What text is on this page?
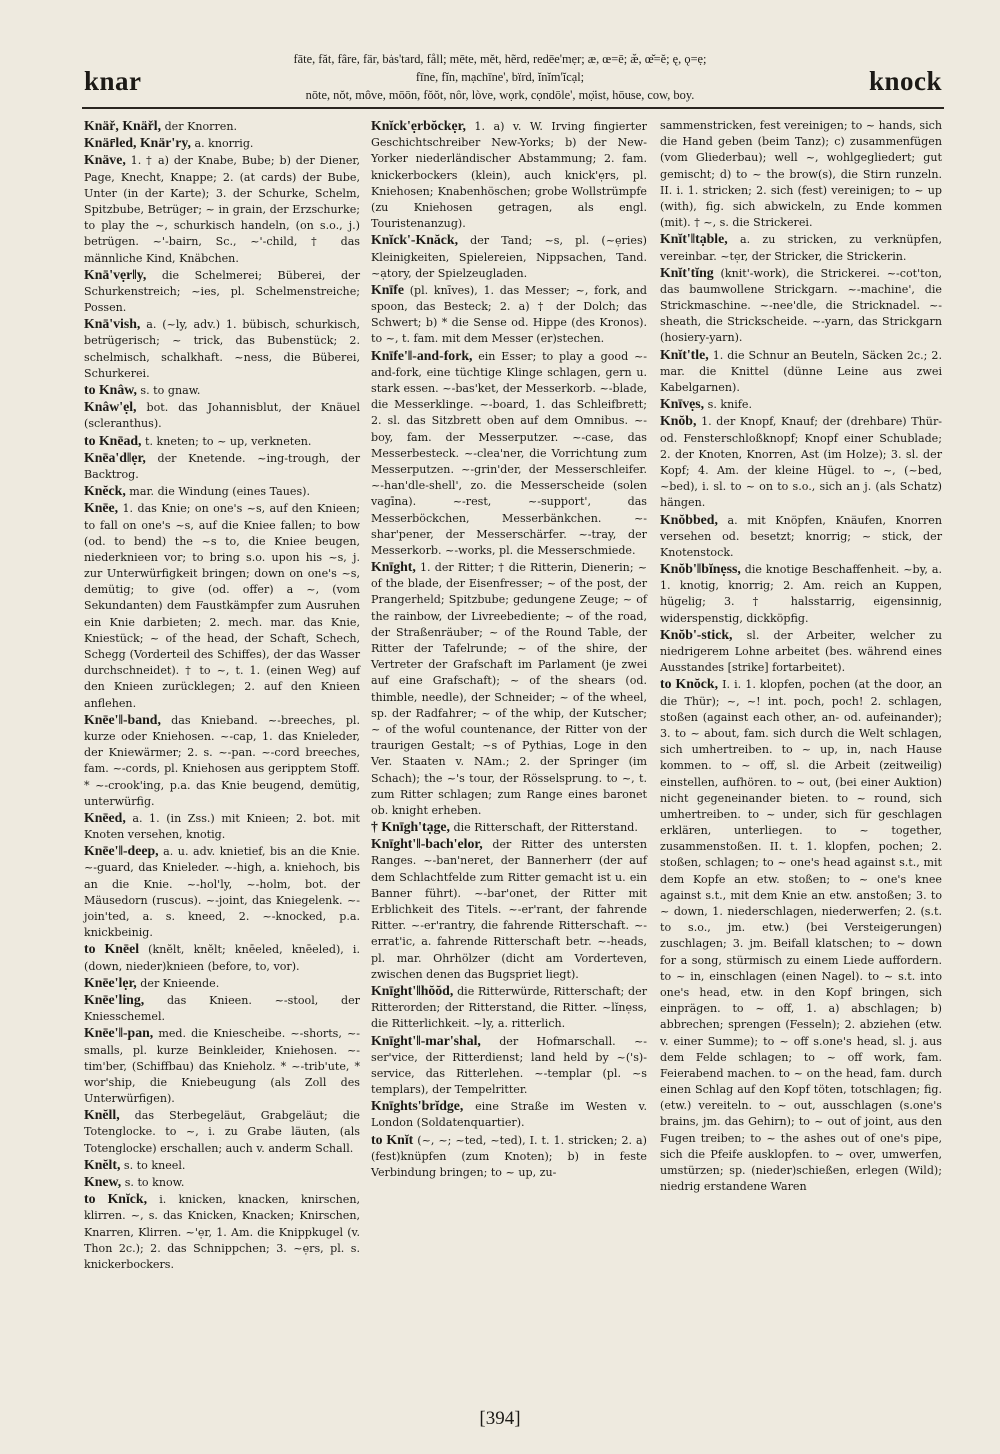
knar
fāte, făt, fâre, fär, bȧs'tard, fåll; mēte, mĕt, hẽrd, redēe'mẹr; æ, œ=ē; æ̆, œ̆=ĕ; ę, ǫ=ẹ;
fīne, fĭn, mạchīne', bïrd, ĭnĭm'ĭcạl;
nōte, nŏt, mȏve, mōōn, fŏŏt, nôr, lòve, wọrk, cọndōle', mọ̈ist, hōuse, cow, boy.	knock

Knäř, Knäřl, der Knorren.

Knär̄led, Knär'ry, a. knorrig.

Knäve, 1. † a) der Knabe, Bube; b) der Diener, Page, Knecht, Knappe; 2. (at cards) der Bube, Unter (in der Karte); 3. der Schurke, Schelm, Spitzbube, Betrüger; ~ in grain, der Erzschurke; to play the ~, schurkisch handeln, (on s.o., j.) betrügen. ~'-bairn, Sc., ~'-child, † das männliche Kind, Knäbchen.

Knā'vẹr‖y, die Schelmerei; Büberei, der Schurkenstreich; ~ies, pl. Schelmenstreiche; Possen.

Knā'vish, a. (~ly, adv.) 1. bübisch, schurkisch, betrügerisch; ~ trick, das Bubenstück; 2. schelmisch, schalkhaft. ~ness, die Büberei, Schurkerei.

to Knâw, s. to gnaw.

Knâw'ẹl, bot. das Johannisblut, der Knäuel (scleranthus).

to Knēad, t. kneten; to ~ up, verkneten.

Knēa'd‖ẹr, der Knetende. ~ing-trough, der Backtrog.

Knĕck, mar. die Windung (eines Taues).

Knēe, 1. das Knie; on one's ~s, auf den Knieen; to fall on one's ~s, auf die Kniee fallen; to bow (od. to bend) the ~s to, die Kniee beugen, niederknieen vor; to bring s.o. upon his ~s, j. zur Unterwürfigkeit bringen; down on one's ~s, demütig; to give (od. offer) a ~, (vom Sekundanten) dem Faustkämpfer zum Ausruhen ein Knie darbieten; 2. mech. mar. das Knie, Kniestück; ~ of the head, der Schaft, Schech, Schegg (Vorderteil des Schiffes), der das Wasser durchschneidet). † to ~, t. 1. (einen Weg) auf den Knieen zurücklegen; 2. auf den Knieen anflehen.

Knēe'‖-band, das Knieband. ~-breeches, pl. kurze oder Kniehosen. ~-cap, 1. das Knieleder, der Kniewärmer; 2. s. ~-pan. ~-cord breeches, fam. ~-cords, pl. Kniehosen aus geripptem Stoff. * ~-crook'ing, p.a. das Knie beugend, demütig, unterwürfig.

Knēed, a. 1. (in Zss.) mit Knieen; 2. bot. mit Knoten versehen, knotig.

Knēe'‖-deep, a. u. adv. knietief, bis an die Knie. ~-guard, das Knieleder. ~-high, a. kniehoch, bis an die Knie. ~-hol'ly, ~-holm, bot. der Mäusedorn (ruscus). ~-joint, das Kniegelenk. ~-join'ted, a. s. kneed, 2. ~-knocked, p.a. knickbeinig.

to Knēel (knĕlt, knĕlt; knēeled, knēeled), i. (down, nieder)knieen (before, to, vor).

Knēe'lẹr, der Knieende.

Knēe'ling, das Knieen. ~-stool, der Kniesschemel.

Knēe'‖-pan, med. die Kniescheibe. ~-shorts, ~-smalls, pl. kurze Beinkleider, Kniehosen. ~-tim'ber, (Schiffbau) das Knieholz. * ~-trib'ute, * wor'ship, die Kniebeugung (als Zoll des Unterwürfigen).

Knĕll, das Sterbegeläut, Grabgeläut; die Totenglocke. to ~, i. zu Grabe läuten, (als Totenglocke) erschallen; auch v. anderm Schall.

Knĕlt, s. to kneel.

Knew, s. to know.

to Knĭck, i. knicken, knacken, knirschen, klirren. ~, s. das Knicken, Knacken; Knirschen, Knarren, Klirren. ~'ẹr, 1. Am. die Knippkugel (v. Thon 2c.); 2. das Schnippchen; 3. ~ẹrs, pl. s. knickerbockers.

Knĭck'ẹrbŏckẹr, 1. a) v. W. Irving fingierter Geschichtschreiber New-Yorks; b) der New-Yorker niederländischer Abstammung; 2. fam. knickerbockers (klein), auch knick'ẹrs, pl. Kniehosen; Knabenhöschen; grobe Wollstrümpfe (zu Kniehosen getragen, als engl. Touristenanzug).

Knĭck'-Knăck, der Tand; ~s, pl. (~ẹries) Kleinigkeiten, Spielereien, Nippsachen, Tand. ~ạtory, der Spielzeugladen.

Knīfe (pl. knīves), 1. das Messer; ~, fork, and spoon, das Besteck; 2. a) † der Dolch; das Schwert; b) * die Sense od. Hippe (des Kronos). to ~, t. fam. mit dem Messer (er)stechen.

Knīfe'‖-and-fork, ein Esser; to play a good ~-and-fork, eine tüchtige Klinge schlagen, gern u. stark essen. ~-bas'ket, der Messerkorb. ~-blade, die Messerklinge. ~-board, 1. das Schleifbrett; 2. sl. das Sitzbrett oben auf dem Omnibus. ~-boy, fam. der Messerputzer. ~-case, das Messerbesteck. ~-clea'ner, die Vorrichtung zum Messerputzen. ~-grin'der, der Messerschleifer. ~-han'dle-shell', zo. die Messerscheide (solen vagīna). ~-rest, ~-support', das Messerböckchen, Messerbänkchen. ~-shar'pener, der Messerschärfer. ~-tray, der Messerkorb. ~-works, pl. die Messerschmiede.

Knīght, 1. der Ritter; † die Ritterin, Dienerin; ~ of the blade, der Eisenfresser; ~ of the post, der Prangerheld; Spitzbube; gedungene Zeuge; ~ of the rainbow, der Livreebediente; ~ of the road, der Straßenräuber; ~ of the Round Table, der Ritter der Tafelrunde; ~ of the shire, der Vertreter der Grafschaft im Parlament (je zwei auf eine Grafschaft); ~ of the shears (od. thimble, needle), der Schneider; ~ of the wheel, sp. der Radfahrer; ~ of the whip, der Kutscher; ~ of the woful countenance, der Ritter von der traurigen Gestalt; ~s of Pythias, Loge in den Ver. Staaten v. NAm.; 2. der Springer (im Schach); the ~'s tour, der Rösselsprung. to ~, t. zum Ritter schlagen; zum Range eines baronet ob. knight erheben.

† Knīgh'tạge, die Ritterschaft, der Ritterstand.

Knīght'‖-bach'elor, der Ritter des untersten Ranges. ~-ban'neret, der Bannerherr (der auf dem Schlachtfelde zum Ritter gemacht ist u. ein Banner führt). ~-bar'onet, der Ritter mit Erblichkeit des Titels. ~-er'rant, der fahrende Ritter. ~-er'rantry, die fahrende Ritterschaft. ~-errat'ic, a. fahrende Ritterschaft betr. ~-heads, pl. mar. Ohrhölzer (dicht am Vorderteven, zwischen denen das Bugspriet liegt).

Knīght'‖hŏŏd, die Ritterwürde, Ritterschaft; der Ritterorden; der Ritterstand, die Ritter. ~lĭnẹss, die Ritterlichkeit. ~ly, a. ritterlich.

Knīght'‖-mar'shal, der Hofmarschall. ~-ser'vice, der Ritterdienst; land held by ~('s)-service, das Ritterlehen. ~-templar (pl. ~s templars), der Tempelritter.

Knīghts'brĭdge, eine Straße im Westen v. London (Soldatenquartier).

to Knĭt (~, ~; ~ted, ~ted), I. t. 1. stricken; 2. a) (fest)knüpfen (zum Knoten); b) in feste Verbindung bringen; to ~ up, zu-

sammenstricken, fest vereinigen; to ~ hands, sich die Hand geben (beim Tanz); c) zusammenfügen (vom Gliederbau); well ~, wohlgegliedert; gut gemischt; d) to ~ the brow(s), die Stirn runzeln. II. i. 1. stricken; 2. sich (fest) vereinigen; to ~ up (with), fig. sich abwickeln, zu Ende kommen (mit). † ~, s. die Strickerei.

Knĭt'‖tạble, a. zu stricken, zu verknüpfen, vereinbar. ~tẹr, der Stricker, die Strickerin.

Knĭt'tĭng (knit'-work), die Strickerei. ~-cot'ton, das baumwollene Strickgarn. ~-machine', die Strickmaschine. ~-nee'dle, die Stricknadel. ~-sheath, die Strickscheide. ~-yarn, das Strickgarn (hosiery-yarn).

Knĭt'tle, 1. die Schnur an Beuteln, Säcken 2c.; 2. mar. die Knittel (dünne Leine aus zwei Kabelgarnen).

Knīvẹs, s. knife.

Knŏb, 1. der Knopf, Knauf; der (drehbare) Thür- od. Fensterschloßknopf; Knopf einer Schublade; 2. der Knoten, Knorren, Ast (im Holze); 3. sl. der Kopf; 4. Am. der kleine Hügel. to ~, (~bed, ~bed), i. sl. to ~ on to s.o., sich an j. (als Schatz) hängen.

Knŏbbed, a. mit Knöpfen, Knäufen, Knorren versehen od. besetzt; knorrig; ~ stick, der Knotenstock.

Knŏb'‖bĭnẹss, die knotige Beschaffenheit. ~by, a. 1. knotig, knorrig; 2. Am. reich an Kuppen, hügelig; 3. † halsstarrig, eigensinnig, widerspenstig, dickköpfig.

Knŏb'-stick, sl. der Arbeiter, welcher zu niedrigerem Lohne arbeitet (bes. während eines Ausstandes [strike] fortarbeitet).

to Knŏck, I. i. 1. klopfen, pochen (at the door, an die Thür); ~, ~! int. poch, poch! 2. schlagen, stoßen (against each other, an- od. aufeinander); 3. to ~ about, fam. sich durch die Welt schlagen, sich umhertreiben. to ~ up, in, nach Hause kommen. to ~ off, sl. die Arbeit (zeitweilig) einstellen, aufhören. to ~ out, (bei einer Auktion) nicht gegeneinander bieten. to ~ round, sich umhertreiben. to ~ under, sich für geschlagen erklären, unterliegen. to ~ together, zusammenstoßen. II. t. 1. klopfen, pochen; 2. stoßen, schlagen; to ~ one's head against s.t., mit dem Kopfe an etw. stoßen; to ~ one's knee against s.t., mit dem Knie an etw. anstoßen; 3. to ~ down, 1. niederschlagen, niederwerfen; 2. (s.t. to s.o., jm. etw.) (bei Versteigerungen) zuschlagen; 3. jm. Beifall klatschen; to ~ down for a song, stürmisch zu einem Liede auffordern. to ~ in, einschlagen (einen Nagel). to ~ s.t. into one's head, etw. in den Kopf bringen, sich einprägen. to ~ off, 1. a) abschlagen; b) abbrechen; sprengen (Fesseln); 2. abziehen (etw. v. einer Summe); to ~ off s.one's head, sl. j. aus dem Felde schlagen; to ~ off work, fam. Feierabend machen. to ~ on the head, fam. durch einen Schlag auf den Kopf töten, totschlagen; fig. (etw.) vereiteln. to ~ out, ausschlagen (s.one's brains, jm. das Gehirn); to ~ out of joint, aus den Fugen treiben; to ~ the ashes out of one's pipe, sich die Pfeife ausklopfen. to ~ over, umwerfen, umstürzen; sp. (nieder)schießen, erlegen (Wild); niedrig erstandene Waren

[394]
